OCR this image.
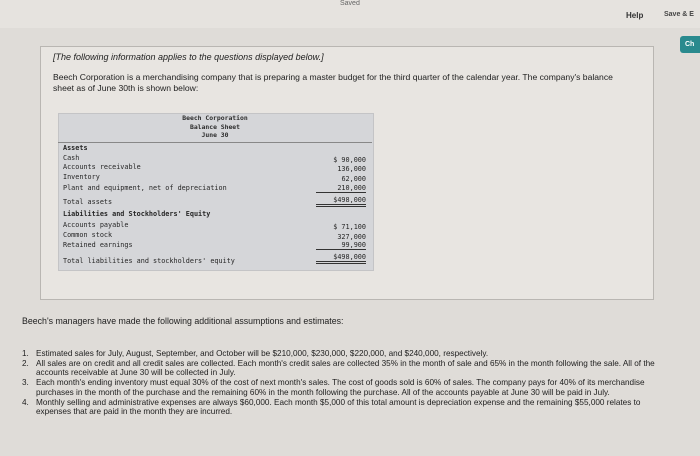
Saved
Help	Save & E
Ch
[The following information applies to the questions displayed below.]
Beech Corporation is a merchandising company that is preparing a master budget for the third quarter of the calendar year. The company's balance sheet as of June 30th is shown below:
Beech Corporation
Balance Sheet
June 30
Assets
Cash	$ 90,000
Accounts receivable	136,000
Inventory	62,000
Plant and equipment, net of depreciation	210,000
Total assets	$498,000
Liabilities and Stockholders' Equity
Accounts payable	$ 71,100
Common stock	327,000
Retained earnings	99,900
Total liabilities and stockholders' equity	$498,000
Beech's managers have made the following additional assumptions and estimates:
1. Estimated sales for July, August, September, and October will be $210,000, $230,000, $220,000, and $240,000, respectively.
2. All sales are on credit and all credit sales are collected. Each month's credit sales are collected 35% in the month of sale and 65% in the month following the sale. All of the accounts receivable at June 30 will be collected in July.
3. Each month's ending inventory must equal 30% of the cost of next month's sales. The cost of goods sold is 60% of sales. The company pays for 40% of its merchandise purchases in the month of the purchase and the remaining 60% in the month following the purchase. All of the accounts payable at June 30 will be paid in July.
4. Monthly selling and administrative expenses are always $60,000. Each month $5,000 of this total amount is depreciation expense and the remaining $55,000 relates to expenses that are paid in the month they are incurred.
